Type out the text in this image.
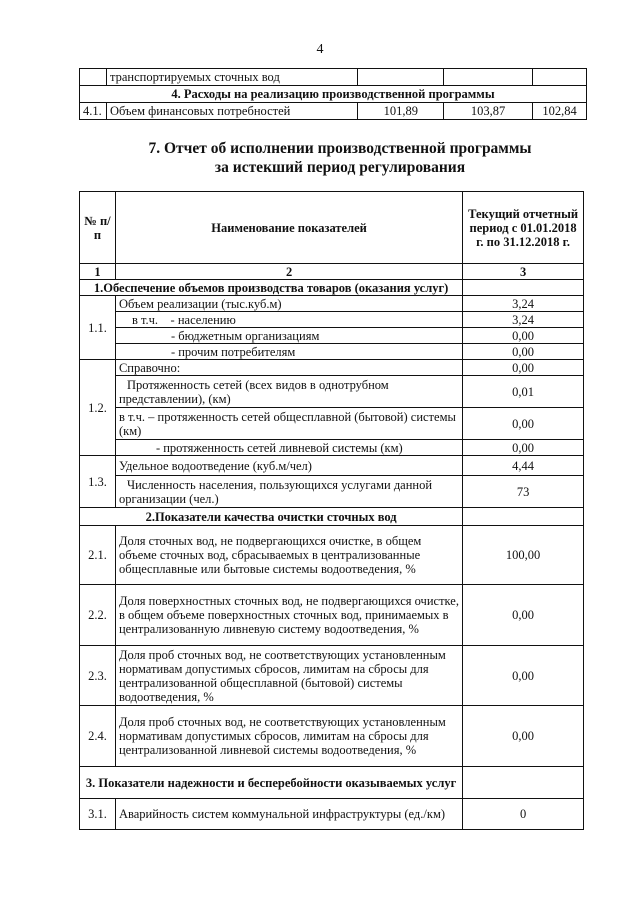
4
	транспортируемых сточных вод			
4. Расходы на реализацию производственной программы				
4.1.	Объем финансовых потребностей	101,89	103,87	102,84
7. Отчет об исполнении производственной программы
за истекший период регулирования
№ п/п	Наименование показателей	Текущий отчетный период с 01.01.2018 г. по 31.12.2018 г.
1	2	3
1.Обеспечение объемов производства товаров (оказания услуг)		
1.1.	Объем реализации (тыс.куб.м)	3,24
	в т.ч.    - населению	3,24
	- бюджетным организациям	0,00
	- прочим потребителям	0,00
1.2.	Справочно:	0,00
	Протяженность сетей (всех видов в однотрубном представлении), (км)	0,01
	в т.ч. – протяженность сетей общесплавной (бытовой) системы (км)	0,00
	- протяженность сетей ливневой системы (км)	0,00
1.3.	Удельное водоотведение (куб.м/чел)	4,44
	Численность населения, пользующихся услугами данной организации (чел.)	73
2.Показатели качества очистки сточных вод		
2.1.	Доля сточных вод, не подвергающихся очистке, в общем объеме сточных вод, сбрасываемых в централизованные общесплавные или бытовые системы водоотведения, %	100,00
2.2.	Доля поверхностных сточных вод, не подвергающихся очистке, в общем объеме поверхностных сточных вод, принимаемых в централизованную ливневую систему водоотведения, %	0,00
2.3.	Доля проб сточных вод, не соответствующих установленным нормативам допустимых сбросов, лимитам на сбросы для централизованной общесплавной (бытовой) системы водоотведения, %	0,00
2.4.	Доля проб сточных вод, не соответствующих установленным нормативам допустимых сбросов, лимитам на сбросы для централизованной ливневой системы водоотведения, %	0,00
3. Показатели надежности и бесперебойности оказываемых услуг		
3.1.	Аварийность систем коммунальной инфраструктуры (ед./км)	0
